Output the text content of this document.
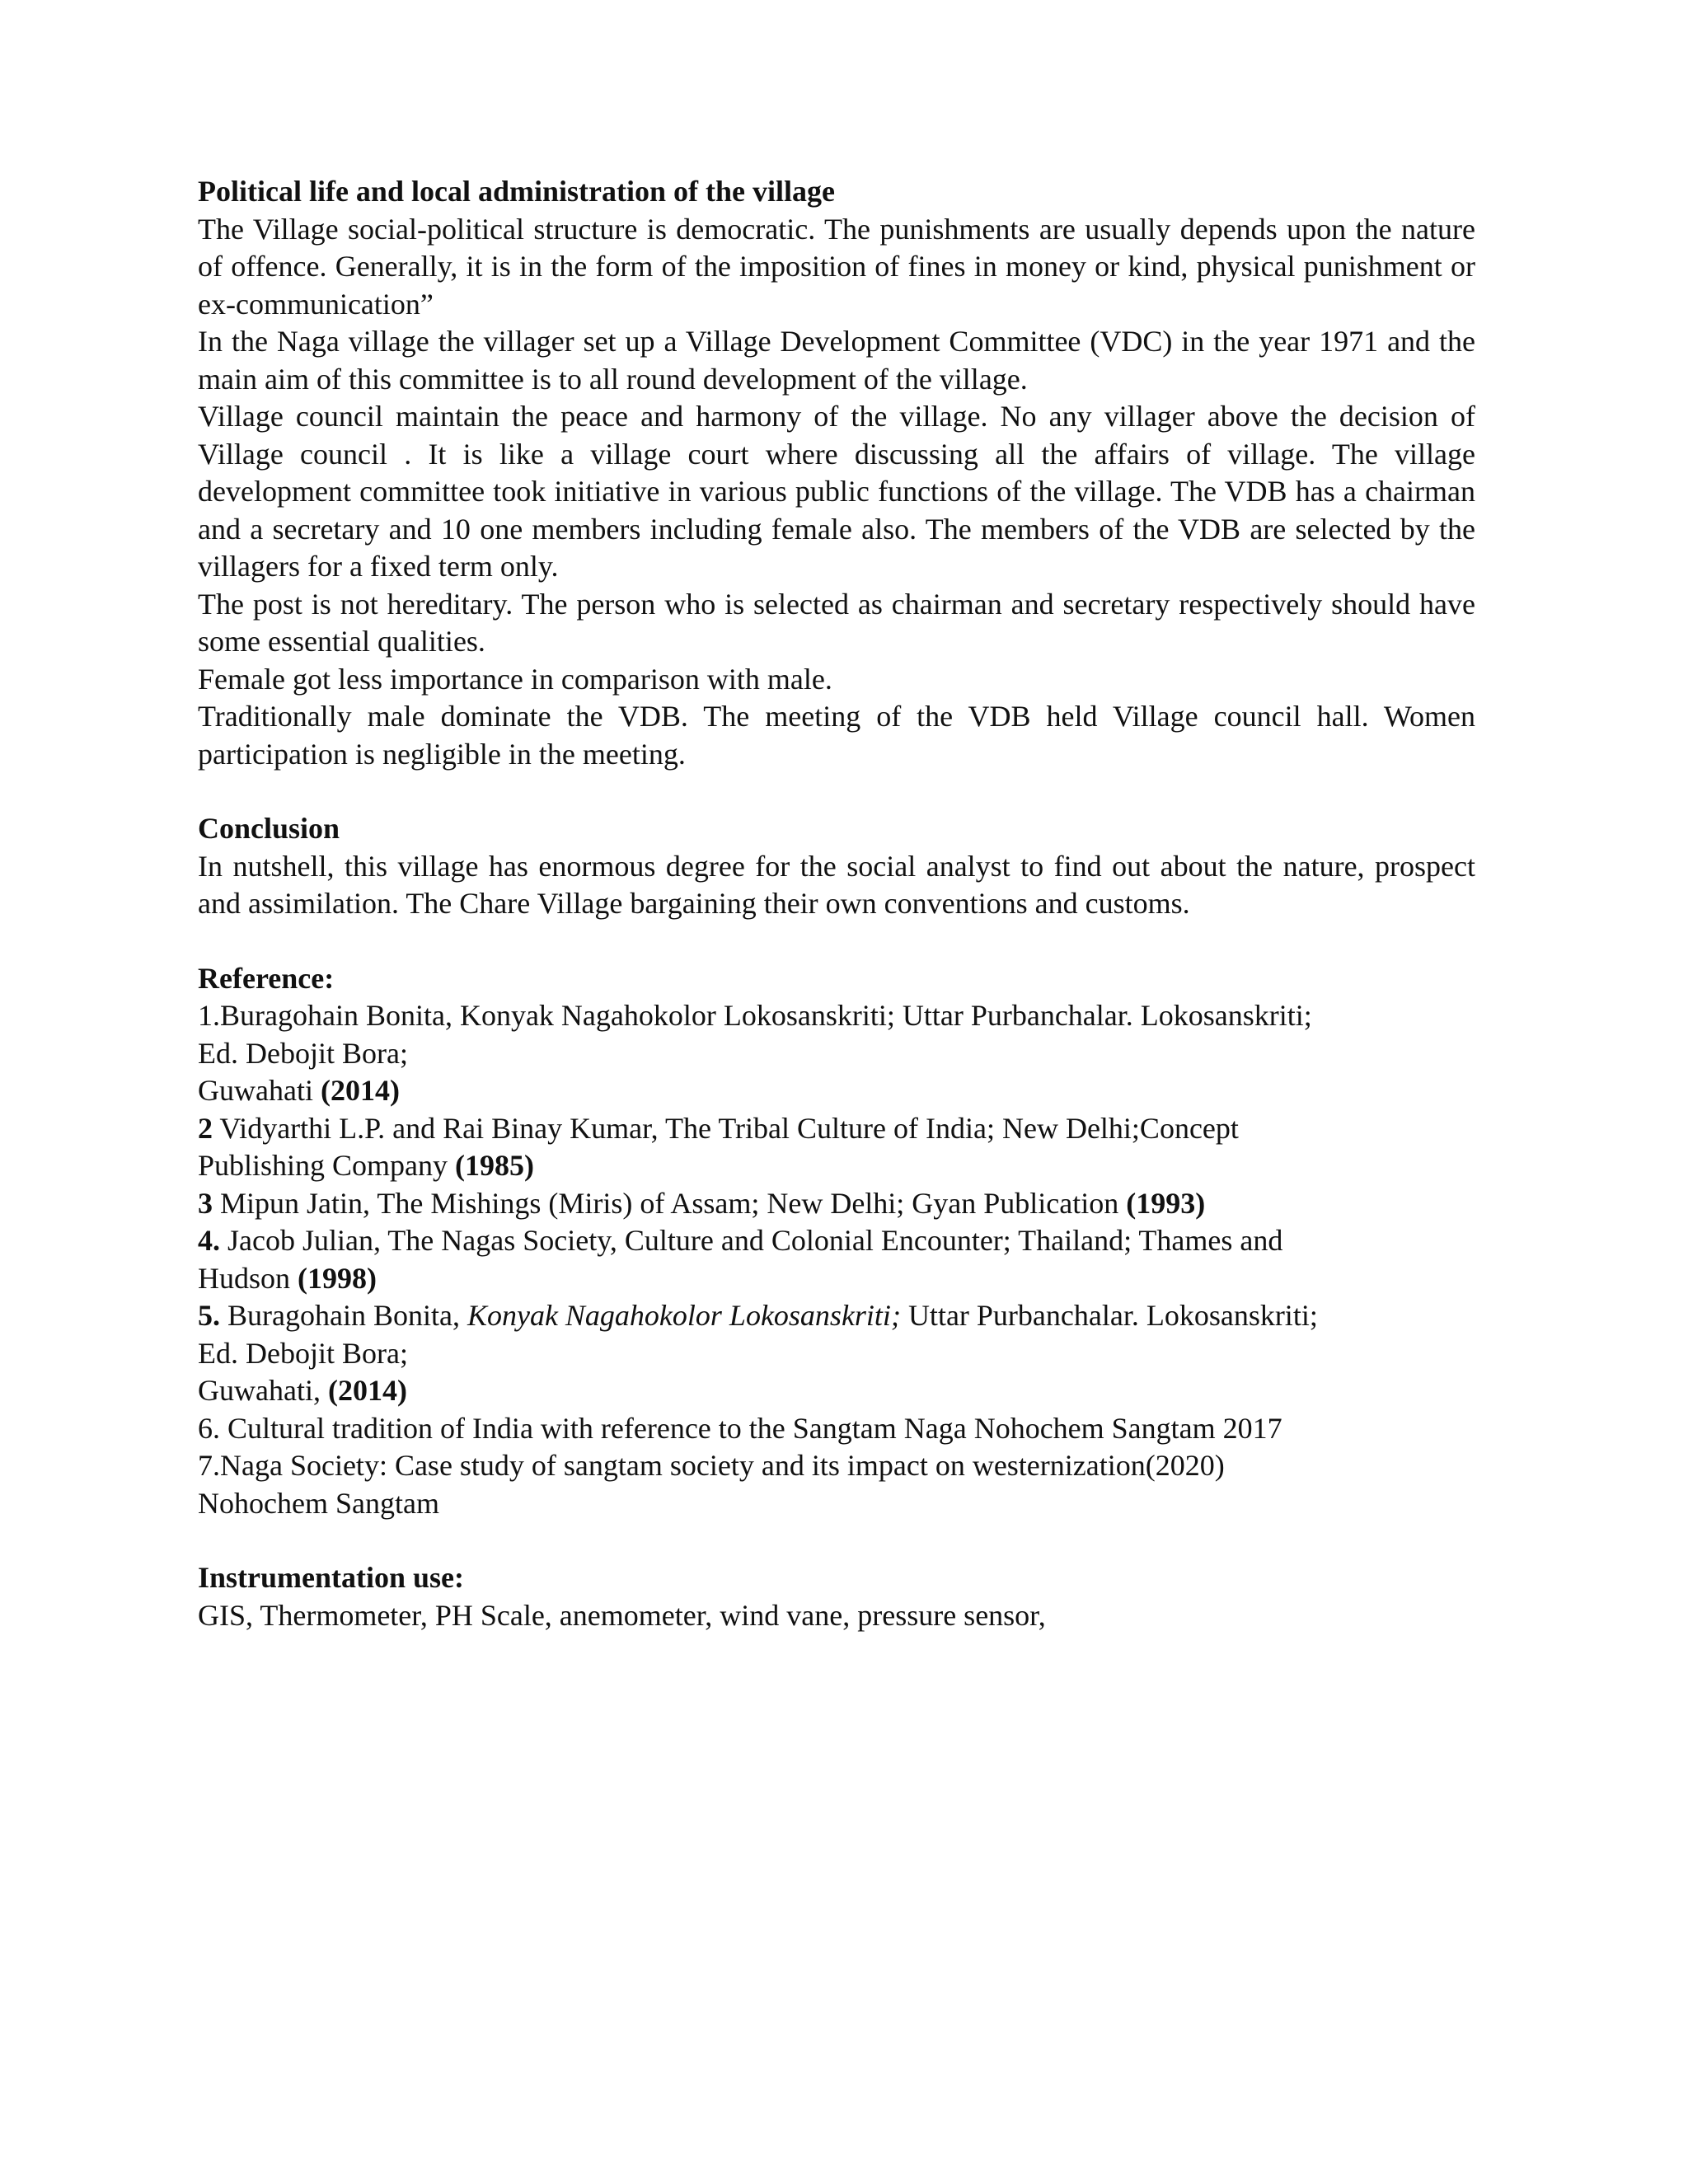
Political life and local administration of the village

The Village social-political structure is democratic. The punishments are usually depends upon the nature of offence. Generally, it is in the form of the imposition of fines in money or kind, physical punishment or ex-communication”

In the Naga village the villager set up a Village Development Committee (VDC) in the year 1971 and the main aim of this committee is to all round development of the village.

Village council maintain the peace and harmony of the village. No any villager above the decision of Village council . It is like a village court where discussing all the affairs of village. The village development committee took initiative in various public functions of the village. The VDB has a chairman and a secretary and 10 one members including female also. The members of the VDB are selected by the villagers for a fixed term only.

The post is not hereditary. The person who is selected as chairman and secretary respectively should have some essential qualities.

Female got less importance in comparison with male.

Traditionally male dominate the VDB. The meeting of the VDB held Village council hall. Women participation is negligible in the meeting.

Conclusion

In nutshell, this village has enormous degree for the social analyst to find out about the nature, prospect and assimilation. The Chare Village bargaining their own conventions and customs.

Reference:

1.Buragohain Bonita, Konyak Nagahokolor Lokosanskriti; Uttar Purbanchalar. Lokosanskriti;

Ed. Debojit Bora;

Guwahati (2014)

2 Vidyarthi L.P. and Rai Binay Kumar, The Tribal Culture of India; New Delhi;Concept

Publishing Company (1985)

3 Mipun Jatin, The Mishings (Miris) of Assam; New Delhi; Gyan Publication (1993)

4. Jacob Julian, The Nagas Society, Culture and Colonial Encounter; Thailand; Thames and

Hudson (1998)

5. Buragohain Bonita, Konyak Nagahokolor Lokosanskriti; Uttar Purbanchalar. Lokosanskriti;

Ed. Debojit Bora;

Guwahati, (2014)

6. Cultural tradition of India with reference to the Sangtam Naga Nohochem Sangtam 2017

7.Naga Society: Case study of sangtam society and its impact on westernization(2020)

Nohochem Sangtam

Instrumentation use:

GIS, Thermometer, PH Scale, anemometer, wind vane, pressure sensor,
